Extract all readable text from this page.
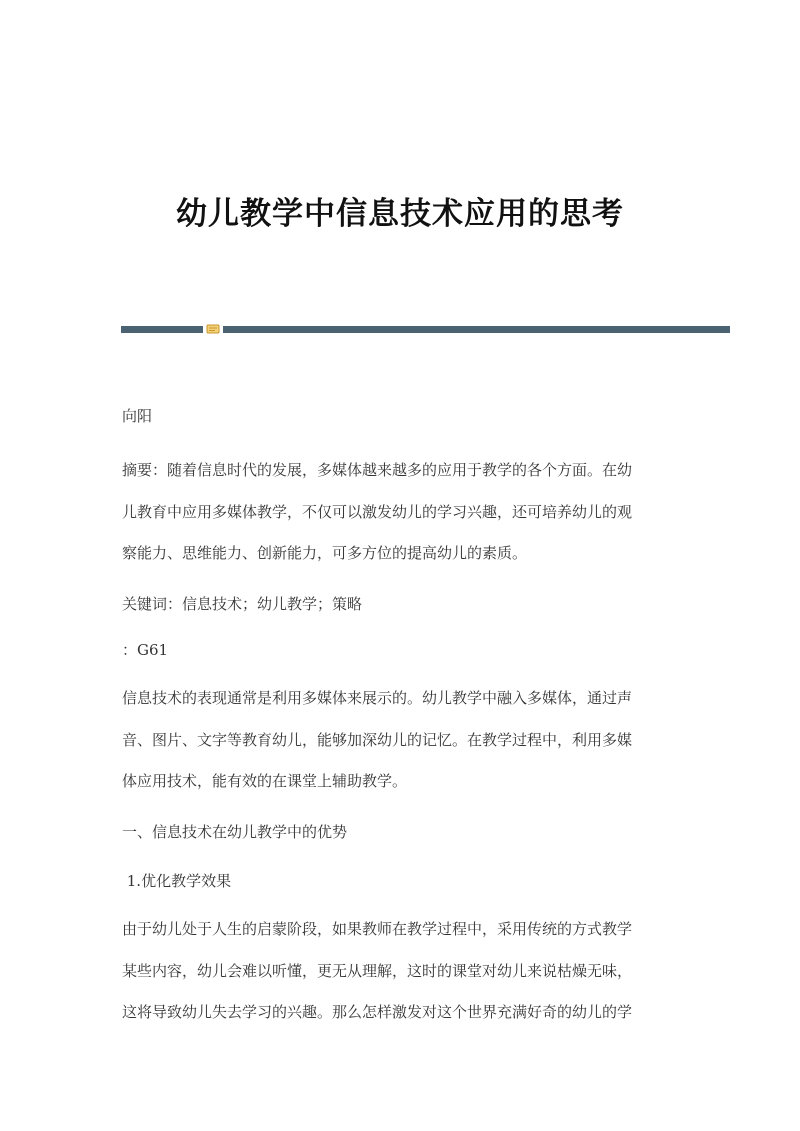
幼儿教学中信息技术应用的思考

向阳

摘要：随着信息时代的发展，多媒体越来越多的应用于教学的各个方面。在幼

儿教育中应用多媒体教学，不仅可以激发幼儿的学习兴趣，还可培养幼儿的观

察能力、思维能力、创新能力，可多方位的提高幼儿的素质。

关键词：信息技术；幼儿教学；策略

：G61

信息技术的表现通常是利用多媒体来展示的。幼儿教学中融入多媒体，通过声

音、图片、文字等教育幼儿，能够加深幼儿的记忆。在教学过程中，利用多媒

体应用技术，能有效的在课堂上辅助教学。

一、信息技术在幼儿教学中的优势

1.优化教学效果

由于幼儿处于人生的启蒙阶段，如果教师在教学过程中，采用传统的方式教学

某些内容，幼儿会难以听懂，更无从理解，这时的课堂对幼儿来说枯燥无味，

这将导致幼儿失去学习的兴趣。那么怎样激发对这个世界充满好奇的幼儿的学
